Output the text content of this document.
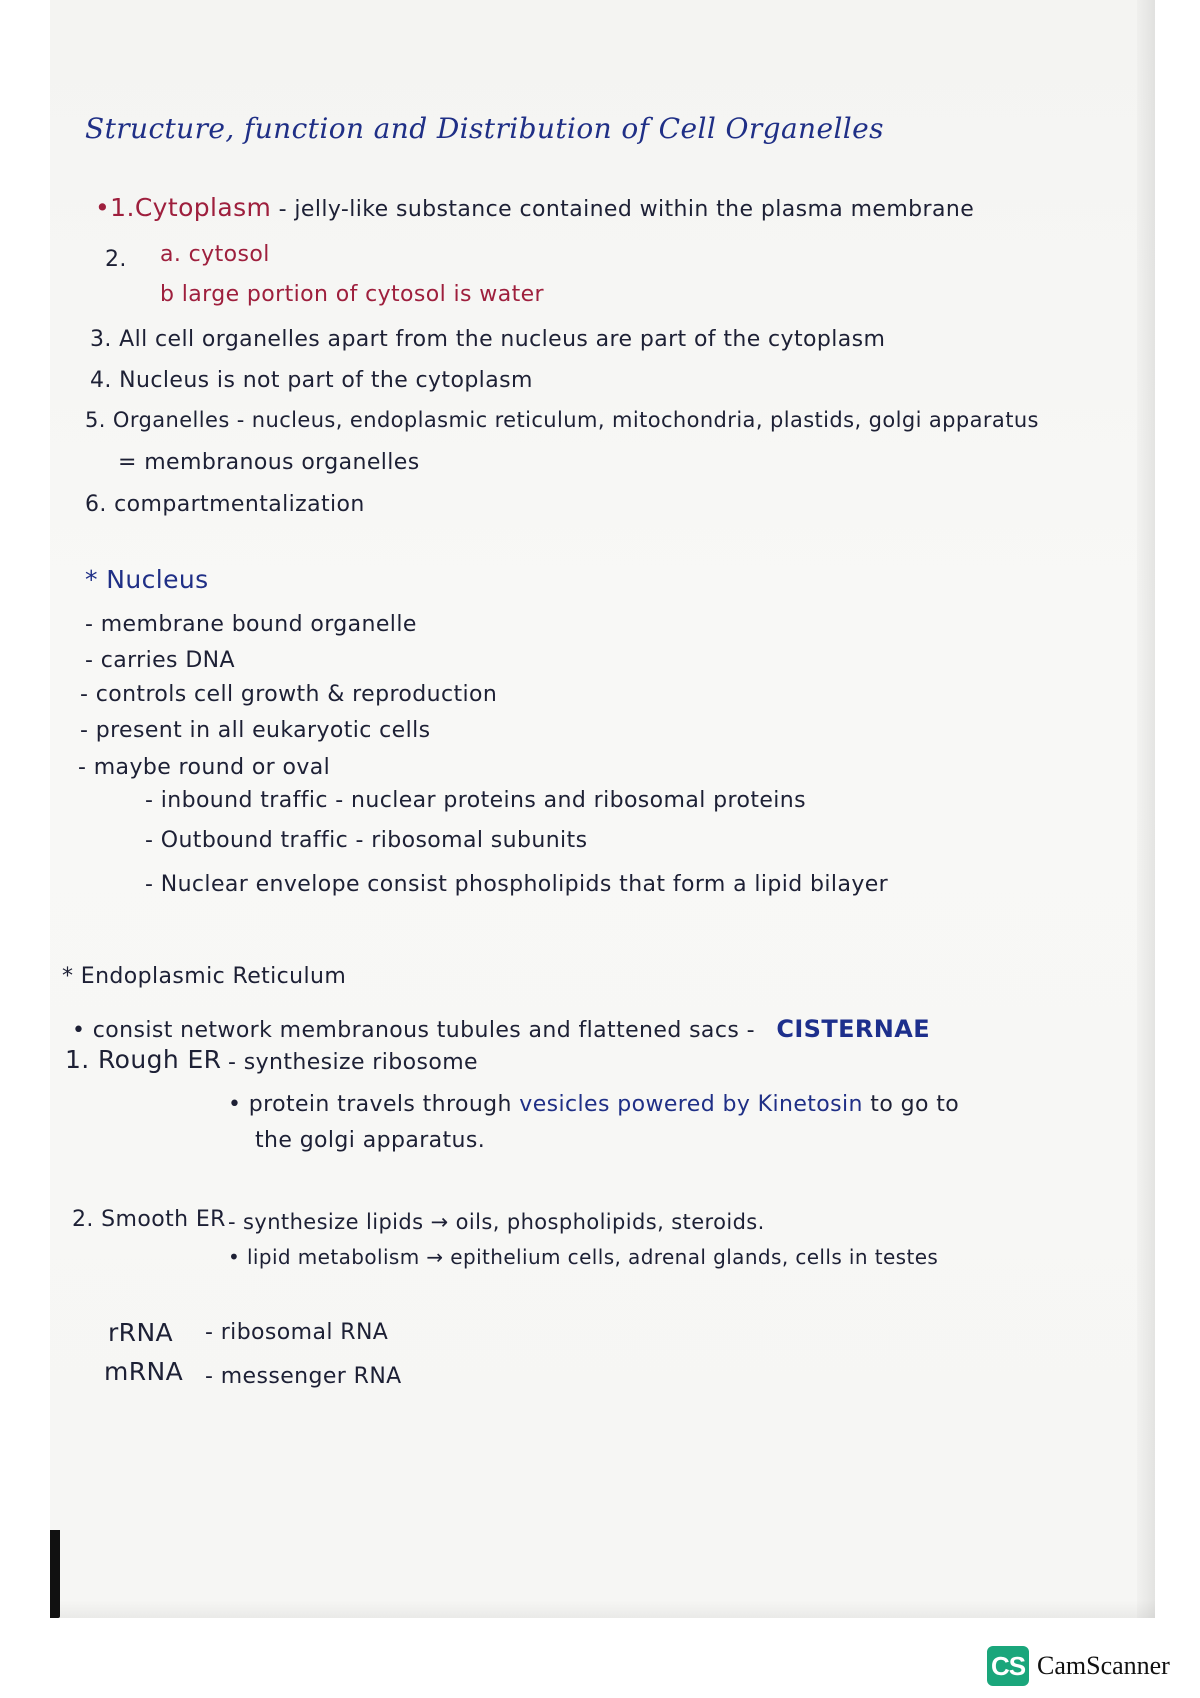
Structure, function and Distribution of Cell Organelles
•1.Cytoplasm - jelly-like substance contained within the plasma membrane
2. a. cytosol
b large portion of cytosol is water
3. All cell organelles apart from the nucleus are part of the cytoplasm
4. Nucleus is not part of the cytoplasm
5. Organelles - nucleus, endoplasmic reticulum, mitochondria, plastids, golgi apparatus
= membranous organelles
6. compartmentalization
* Nucleus
- membrane bound organelle
- carries DNA
- controls cell growth & reproduction
- present in all eukaryotic cells
- maybe round or oval
- inbound traffic - nuclear proteins and ribosomal proteins
- Outbound traffic - ribosomal subunits
- Nuclear envelope consist phospholipids that form a lipid bilayer
* Endoplasmic Reticulum
• consist network membranous tubules and flattened sacs - CISTERNAE
1. Rough ER - synthesize ribosome
• protein travels through vesicles powered by Kinetosin to go to
the golgi apparatus.
2. Smooth ER - synthesize lipids → oils, phospholipids, steroids.
• lipid metabolism → epithelium cells, adrenal glands, cells in testes
rRNA - ribosomal RNA
mRNA - messenger RNA
CS CamScanner
